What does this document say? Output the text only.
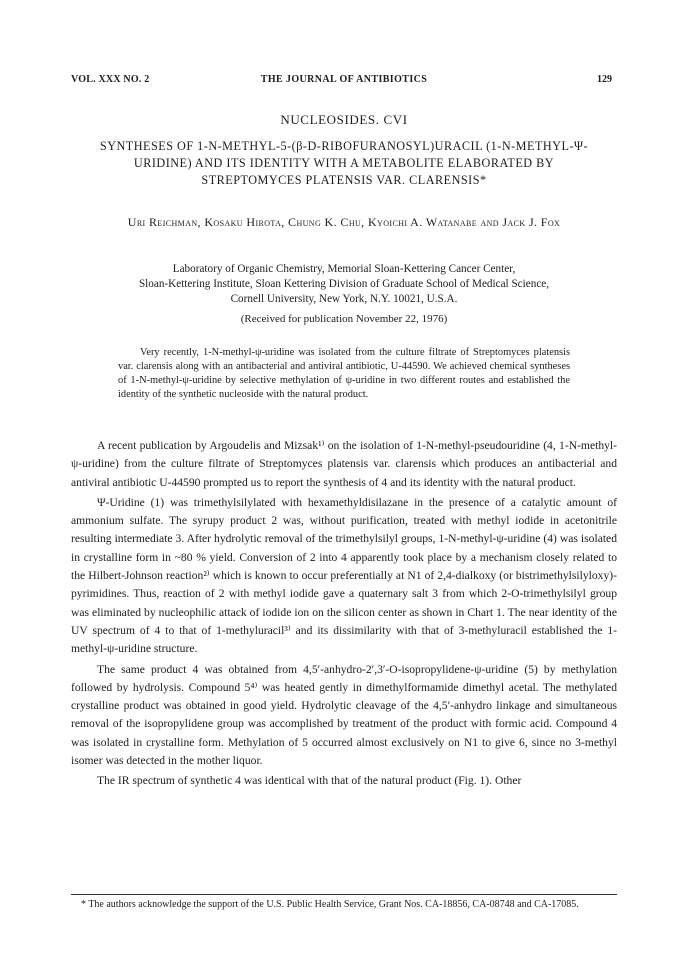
VOL. XXX NO. 2	THE JOURNAL OF ANTIBIOTICS	129
NUCLEOSIDES. CVI
SYNTHESES OF 1-N-METHYL-5-(β-D-RIBOFURANOSYL)URACIL (1-N-METHYL-Ψ-URIDINE) AND ITS IDENTITY WITH A METABOLITE ELABORATED BY STREPTOMYCES PLATENSIS VAR. CLARENSIS*
Uri Reichman, Kosaku Hirota, Chung K. Chu, Kyoichi A. Watanabe and Jack J. Fox
Laboratory of Organic Chemistry, Memorial Sloan-Kettering Cancer Center,
Sloan-Kettering Institute, Sloan Kettering Division of Graduate School of Medical Science,
Cornell University, New York, N.Y. 10021, U.S.A.
(Received for publication November 22, 1976)

Very recently, 1-N-methyl-ψ-uridine was isolated from the culture filtrate of Streptomyces platensis var. clarensis along with an antibacterial and antiviral antibiotic, U-44590. We achieved chemical syntheses of 1-N-methyl-ψ-uridine by selective methylation of ψ-uridine in two different routes and established the identity of the synthetic nucleoside with the natural product.

A recent publication by Argoudelis and Mizsak¹⁾ on the isolation of 1-N-methyl-pseudouridine (4, 1-N-methyl-ψ-uridine) from the culture filtrate of Streptomyces platensis var. clarensis which produces an antibacterial and antiviral antibiotic U-44590 prompted us to report the synthesis of 4 and its identity with the natural product.

Ψ-Uridine (1) was trimethylsilylated with hexamethyldisilazane in the presence of a catalytic amount of ammonium sulfate. The syrupy product 2 was, without purification, treated with methyl iodide in acetonitrile resulting intermediate 3. After hydrolytic removal of the trimethylsilyl groups, 1-N-methyl-ψ-uridine (4) was isolated in crystalline form in ~80 % yield. Conversion of 2 into 4 apparently took place by a mechanism closely related to the Hilbert-Johnson reaction²⁾ which is known to occur preferentially at N1 of 2,4-dialkoxy (or bistrimethylsilyloxy)-pyrimidines. Thus, reaction of 2 with methyl iodide gave a quaternary salt 3 from which 2-O-trimethylsilyl group was eliminated by nucleophilic attack of iodide ion on the silicon center as shown in Chart 1. The near identity of the UV spectrum of 4 to that of 1-methyluracil³⁾ and its dissimilarity with that of 3-methyluracil established the 1-methyl-ψ-uridine structure.

The same product 4 was obtained from 4,5′-anhydro-2′,3′-O-isopropylidene-ψ-uridine (5) by methylation followed by hydrolysis. Compound 5⁴⁾ was heated gently in dimethylformamide dimethyl acetal. The methylated crystalline product was obtained in good yield. Hydrolytic cleavage of the 4,5′-anhydro linkage and simultaneous removal of the isopropylidene group was accomplished by treatment of the product with formic acid. Compound 4 was isolated in crystalline form. Methylation of 5 occurred almost exclusively on N1 to give 6, since no 3-methyl isomer was detected in the mother liquor.

The IR spectrum of synthetic 4 was identical with that of the natural product (Fig. 1). Other

* The authors acknowledge the support of the U.S. Public Health Service, Grant Nos. CA-18856, CA-08748 and CA-17085.
